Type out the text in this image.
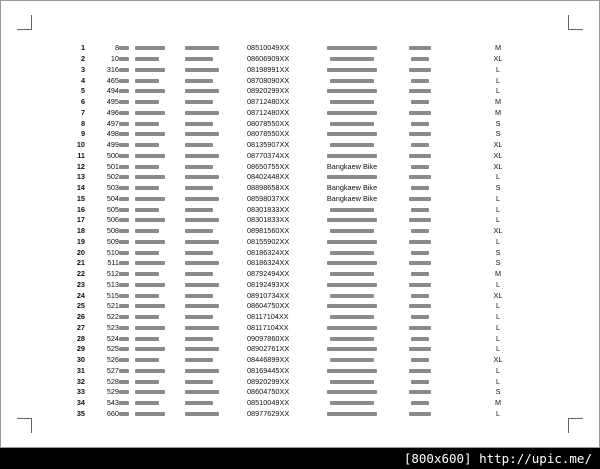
1	8				08510049XX				M
2	10				08606909XX				XL
3	316				08198991XX				L
4	465				08708090XX				L
5	494				08920299XX				L
6	495				08712480XX				M
7	496				08712480XX				M
8	497				08078550XX				S
9	498				08078550XX				S
10	499				08135907XX				XL
11	500				08770374XX				XL
12	501				08650755XX	Bangkaew Bike			XL
13	502				08402448XX				L
14	503				08898658XX	Bangkaew Bike			S
15	504				08598037XX	Bangkaew Bike			L
16	505				08301833XX				L
17	506				08301833XX				L
18	508				08981560XX				XL
19	509				08155902XX				L
20	510				08186324XX				S
21	511				08186324XX				S
22	512				08792494XX				M
23	513				08192493XX				L
24	515				08910734XX				XL
25	521				08604750XX				L
26	522				08117104XX				L
27	523				08117104XX				L
28	524				09097860XX				L
29	525				08902761XX				L
30	526				08446899XX				XL
31	527				08169445XX				L
32	528				08920299XX				L
33	529				08604750XX				S
34	543				08510049XX				M
35	660				08977629XX				L
[800x600] http://upic.me/
